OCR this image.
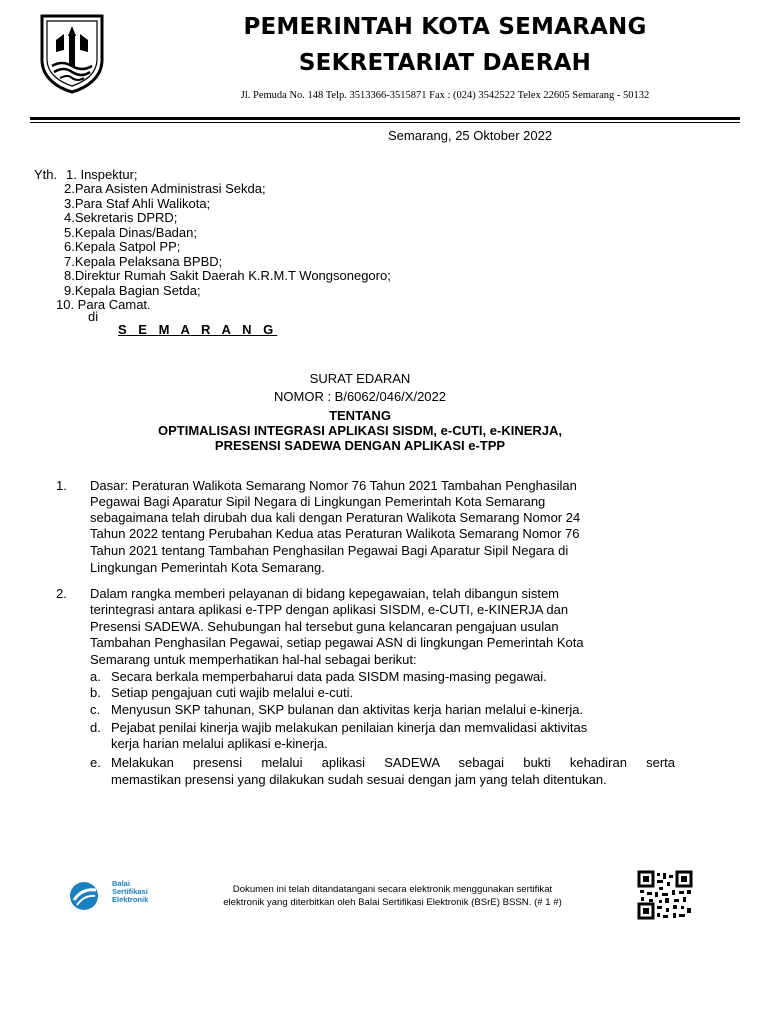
PEMERINTAH KOTA SEMARANG
SEKRETARIAT DAERAH
Jl. Pemuda No. 148 Telp. 3513366-3515871 Fax : (024) 3542522 Telex 22605 Semarang - 50132
Semarang, 25 Oktober 2022
Yth. 1. Inspektur;
2.Para Asisten Administrasi Sekda;
3.Para Staf Ahli Walikota;
4.Sekretaris DPRD;
5.Kepala Dinas/Badan;
6.Kepala Satpol PP;
7.Kepala Pelaksana BPBD;
8.Direktur Rumah Sakit Daerah K.R.M.T Wongsonegoro;
9.Kepala Bagian Setda;
10. Para Camat.
di
S E M A R A N G
SURAT EDARAN
NOMOR : B/6062/046/X/2022
TENTANG
OPTIMALISASI INTEGRASI APLIKASI SISDM, e-CUTI, e-KINERJA,
PRESENSI SADEWA DENGAN APLIKASI e-TPP
1. Dasar: Peraturan Walikota Semarang Nomor 76 Tahun 2021 Tambahan Penghasilan
Pegawai Bagi Aparatur Sipil Negara di Lingkungan Pemerintah Kota Semarang
sebagaimana telah dirubah dua kali dengan Peraturan Walikota Semarang Nomor 24
Tahun 2022 tentang Perubahan Kedua atas Peraturan Walikota Semarang Nomor 76
Tahun 2021 tentang Tambahan Penghasilan Pegawai Bagi Aparatur Sipil Negara di
Lingkungan Pemerintah Kota Semarang.
2. Dalam rangka memberi pelayanan di bidang kepegawaian, telah dibangun sistem
terintegrasi antara aplikasi e-TPP dengan aplikasi SISDM, e-CUTI, e-KINERJA dan
Presensi SADEWA. Sehubungan hal tersebut guna kelancaran pengajuan usulan
Tambahan Penghasilan Pegawai, setiap pegawai ASN di lingkungan Pemerintah Kota
Semarang untuk memperhatikan hal-hal sebagai berikut:
a. Secara berkala memperbaharui data pada SISDM masing-masing pegawai.
b. Setiap pengajuan cuti wajib melalui e-cuti.
c. Menyusun SKP tahunan, SKP bulanan dan aktivitas kerja harian melalui e-kinerja.
d. Pejabat penilai kinerja wajib melakukan penilaian kinerja dan memvalidasi aktivitas
kerja harian melalui aplikasi e-kinerja.
e. Melakukan presensi melalui aplikasi SADEWA sebagai bukti kehadiran serta
memastikan presensi yang dilakukan sudah sesuai dengan jam yang telah ditentukan.
Balai
Sertifikasi
Elektronik
Dokumen ini telah ditandatangani secara elektronik menggunakan sertifikat
elektronik yang diterbitkan oleh Balai Sertifikasi Elektronik (BSrE) BSSN. (# 1 #)
